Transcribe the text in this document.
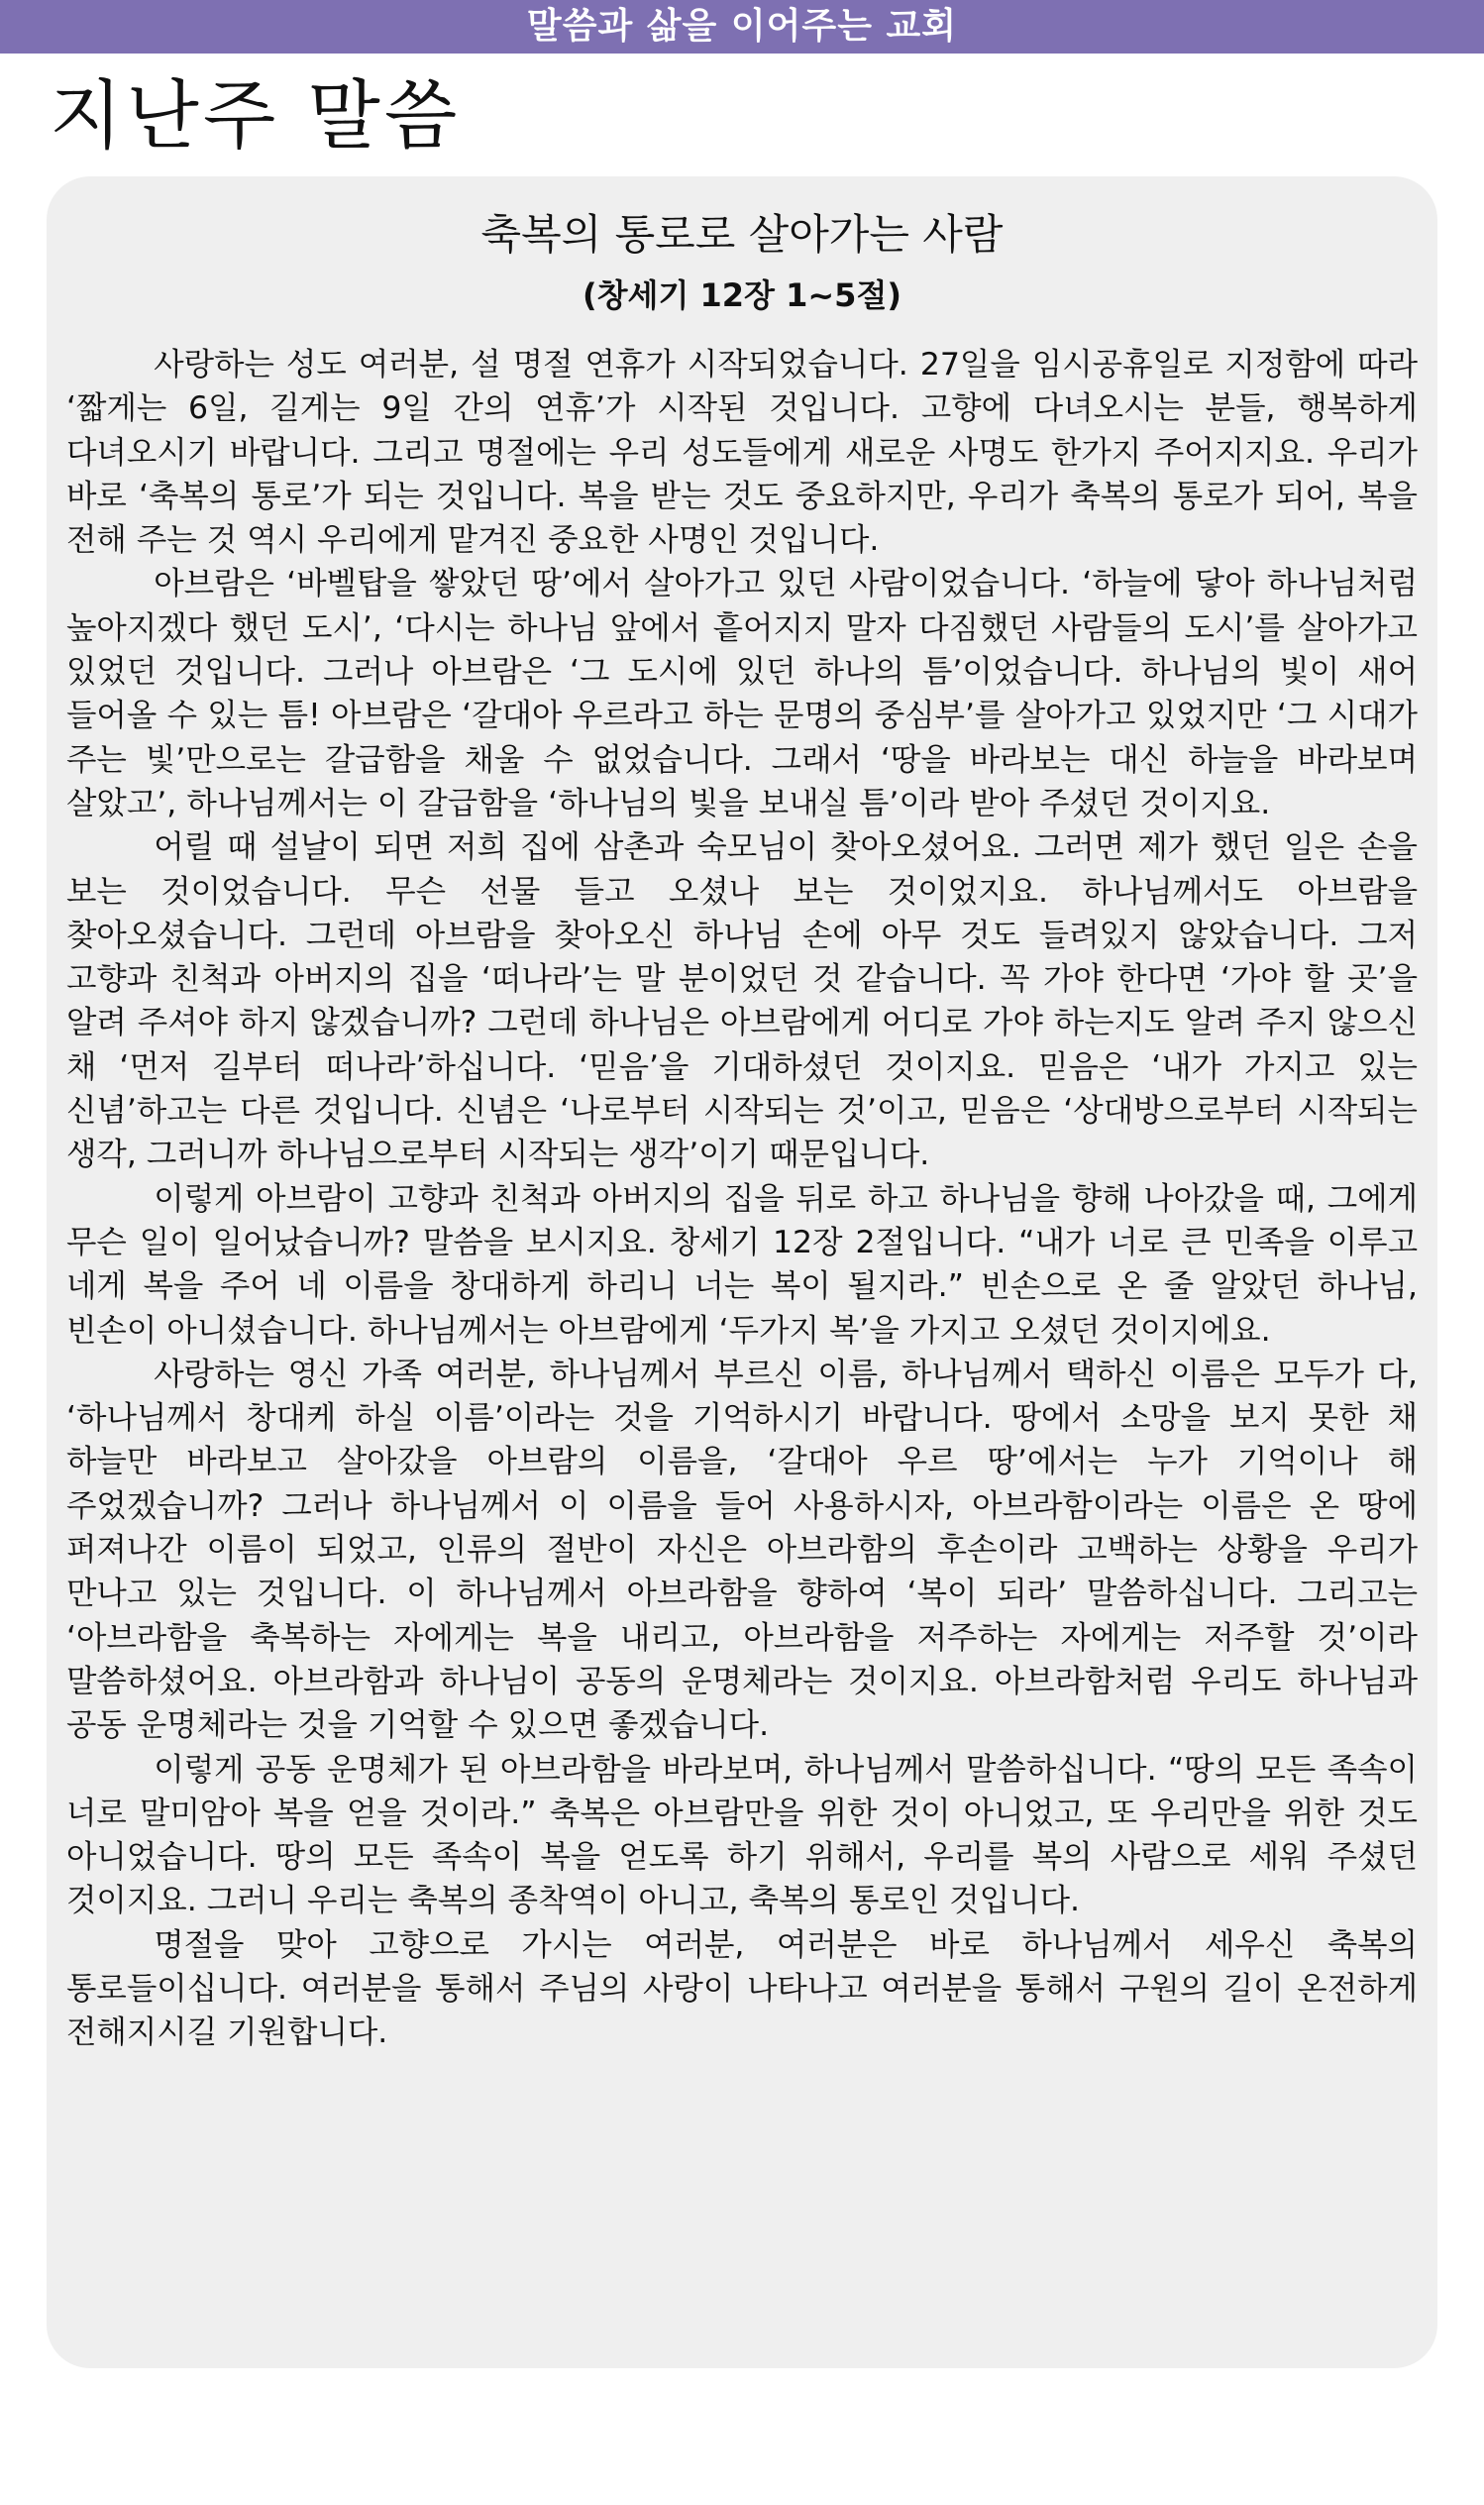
말씀과 삶을 이어주는 교회
지난주 말씀
축복의 통로로 살아가는 사람
(창세기 12장 1~5절)

사랑하는 성도 여러분, 설 명절 연휴가 시작되었습니다. 27일을 임시공휴일로 지정함에 따라 ‘짧게는 6일, 길게는 9일 간의 연휴’가 시작된 것입니다. 고향에 다녀오시는 분들, 행복하게 다녀오시기 바랍니다. 그리고 명절에는 우리 성도들에게 새로운 사명도 한가지 주어지지요. 우리가 바로 ‘축복의 통로’가 되는 것입니다. 복을 받는 것도 중요하지만, 우리가 축복의 통로가 되어, 복을 전해 주는 것 역시 우리에게 맡겨진 중요한 사명인 것입니다.

아브람은 ‘바벨탑을 쌓았던 땅’에서 살아가고 있던 사람이었습니다. ‘하늘에 닿아 하나님처럼 높아지겠다 했던 도시’, ‘다시는 하나님 앞에서 흩어지지 말자 다짐했던 사람들의 도시’를 살아가고 있었던 것입니다. 그러나 아브람은 ‘그 도시에 있던 하나의 틈’이었습니다. 하나님의 빛이 새어 들어올 수 있는 틈! 아브람은 ‘갈대아 우르라고 하는 문명의 중심부’를 살아가고 있었지만 ‘그 시대가 주는 빛’만으로는 갈급함을 채울 수 없었습니다. 그래서 ‘땅을 바라보는 대신 하늘을 바라보며 살았고’, 하나님께서는 이 갈급함을 ‘하나님의 빛을 보내실 틈’이라 받아 주셨던 것이지요.

어릴 때 설날이 되면 저희 집에 삼촌과 숙모님이 찾아오셨어요. 그러면 제가 했던 일은 손을 보는 것이었습니다. 무슨 선물 들고 오셨나 보는 것이었지요. 하나님께서도 아브람을 찾아오셨습니다. 그런데 아브람을 찾아오신 하나님 손에 아무 것도 들려있지 않았습니다. 그저 고향과 친척과 아버지의 집을 ‘떠나라’는 말 분이었던 것 같습니다. 꼭 가야 한다면 ‘가야 할 곳’을 알려 주셔야 하지 않겠습니까? 그런데 하나님은 아브람에게 어디로 가야 하는지도 알려 주지 않으신 채 ‘먼저 길부터 떠나라’하십니다. ‘믿음’을 기대하셨던 것이지요. 믿음은 ‘내가 가지고 있는 신념’하고는 다른 것입니다. 신념은 ‘나로부터 시작되는 것’이고, 믿음은 ‘상대방으로부터 시작되는 생각, 그러니까 하나님으로부터 시작되는 생각’이기 때문입니다.

이렇게 아브람이 고향과 친척과 아버지의 집을 뒤로 하고 하나님을 향해 나아갔을 때, 그에게 무슨 일이 일어났습니까? 말씀을 보시지요. 창세기 12장 2절입니다. “내가 너로 큰 민족을 이루고 네게 복을 주어 네 이름을 창대하게 하리니 너는 복이 될지라.” 빈손으로 온 줄 알았던 하나님, 빈손이 아니셨습니다. 하나님께서는 아브람에게 ‘두가지 복’을 가지고 오셨던 것이지에요.

사랑하는 영신 가족 여러분, 하나님께서 부르신 이름, 하나님께서 택하신 이름은 모두가 다, ‘하나님께서 창대케 하실 이름’이라는 것을 기억하시기 바랍니다. 땅에서 소망을 보지 못한 채 하늘만 바라보고 살아갔을 아브람의 이름을, ‘갈대아 우르 땅’에서는 누가 기억이나 해 주었겠습니까? 그러나 하나님께서 이 이름을 들어 사용하시자, 아브라함이라는 이름은 온 땅에 퍼져나간 이름이 되었고, 인류의 절반이 자신은 아브라함의 후손이라 고백하는 상황을 우리가 만나고 있는 것입니다. 이 하나님께서 아브라함을 향하여 ‘복이 되라’ 말씀하십니다. 그리고는 ‘아브라함을 축복하는 자에게는 복을 내리고, 아브라함을 저주하는 자에게는 저주할 것’이라 말씀하셨어요. 아브라함과 하나님이 공동의 운명체라는 것이지요. 아브라함처럼 우리도 하나님과 공동 운명체라는 것을 기억할 수 있으면 좋겠습니다.

이렇게 공동 운명체가 된 아브라함을 바라보며, 하나님께서 말씀하십니다. “땅의 모든 족속이 너로 말미암아 복을 얻을 것이라.” 축복은 아브람만을 위한 것이 아니었고, 또 우리만을 위한 것도 아니었습니다. 땅의 모든 족속이 복을 얻도록 하기 위해서, 우리를 복의 사람으로 세워 주셨던 것이지요. 그러니 우리는 축복의 종착역이 아니고, 축복의 통로인 것입니다.

명절을 맞아 고향으로 가시는 여러분, 여러분은 바로 하나님께서 세우신 축복의 통로들이십니다. 여러분을 통해서 주님의 사랑이 나타나고 여러분을 통해서 구원의 길이 온전하게 전해지시길 기원합니다.
